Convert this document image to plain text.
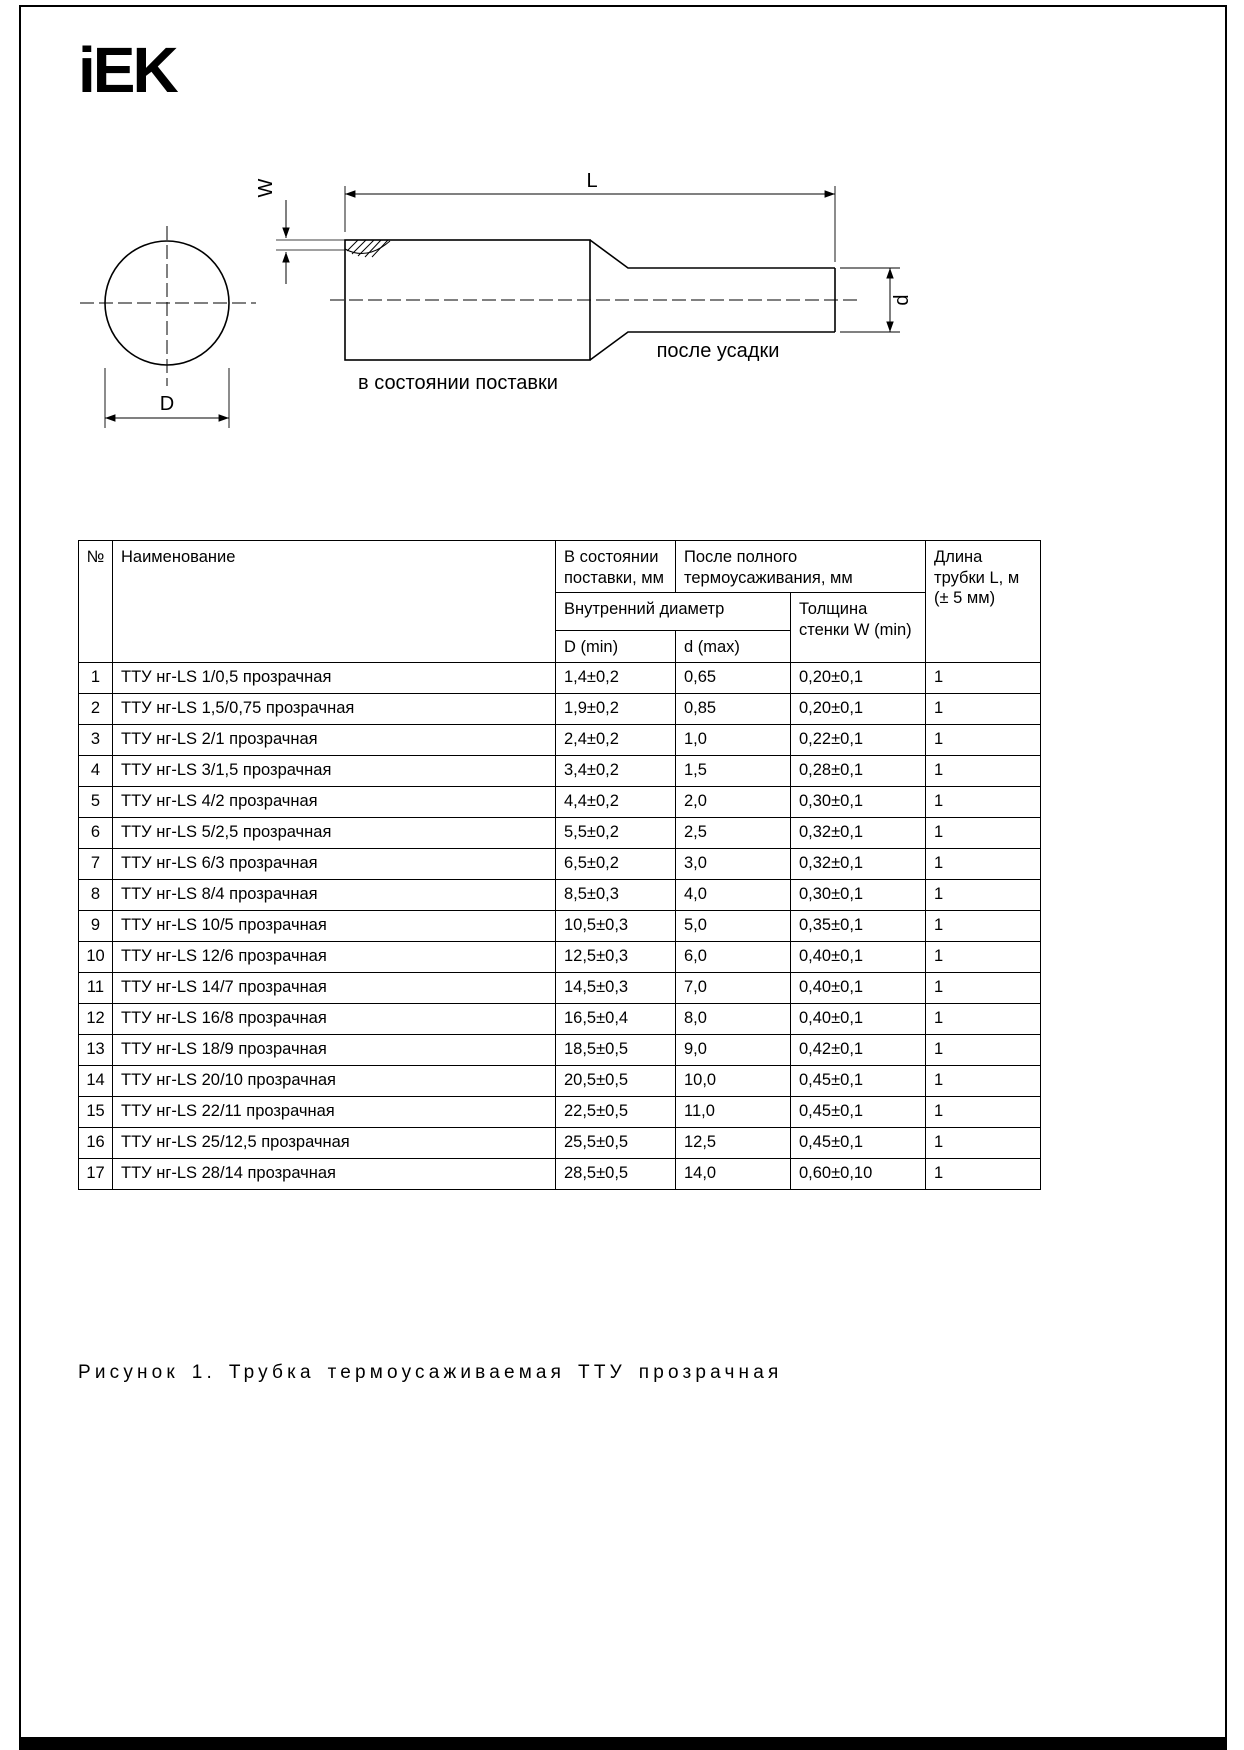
iEK
D
W	L
d
после усадки
в состоянии поставки
№	Наименование	В состоянии поставки, мм	После полного термоусаживания, мм		Длина трубки L, м (± 5 мм)
		Внутренний диаметр		Толщина стенки W (min)	
		D (min)	d (max)		
1	ТТУ нг-LS 1/0,5 прозрачная	1,4±0,2	0,65	0,20±0,1	1
2	ТТУ нг-LS 1,5/0,75 прозрачная	1,9±0,2	0,85	0,20±0,1	1
3	ТТУ нг-LS 2/1 прозрачная	2,4±0,2	1,0	0,22±0,1	1
4	ТТУ нг-LS 3/1,5 прозрачная	3,4±0,2	1,5	0,28±0,1	1
5	ТТУ нг-LS 4/2 прозрачная	4,4±0,2	2,0	0,30±0,1	1
6	ТТУ нг-LS 5/2,5 прозрачная	5,5±0,2	2,5	0,32±0,1	1
7	ТТУ нг-LS 6/3 прозрачная	6,5±0,2	3,0	0,32±0,1	1
8	ТТУ нг-LS 8/4 прозрачная	8,5±0,3	4,0	0,30±0,1	1
9	ТТУ нг-LS 10/5 прозрачная	10,5±0,3	5,0	0,35±0,1	1
10	ТТУ нг-LS 12/6 прозрачная	12,5±0,3	6,0	0,40±0,1	1
11	ТТУ нг-LS 14/7 прозрачная	14,5±0,3	7,0	0,40±0,1	1
12	ТТУ нг-LS 16/8 прозрачная	16,5±0,4	8,0	0,40±0,1	1
13	ТТУ нг-LS 18/9 прозрачная	18,5±0,5	9,0	0,42±0,1	1
14	ТТУ нг-LS 20/10 прозрачная	20,5±0,5	10,0	0,45±0,1	1
15	ТТУ нг-LS 22/11 прозрачная	22,5±0,5	11,0	0,45±0,1	1
16	ТТУ нг-LS 25/12,5 прозрачная	25,5±0,5	12,5	0,45±0,1	1
17	ТТУ нг-LS 28/14 прозрачная	28,5±0,5	14,0	0,60±0,10	1
Рисунок 1. Трубка термоусаживаемая ТТУ прозрачная
